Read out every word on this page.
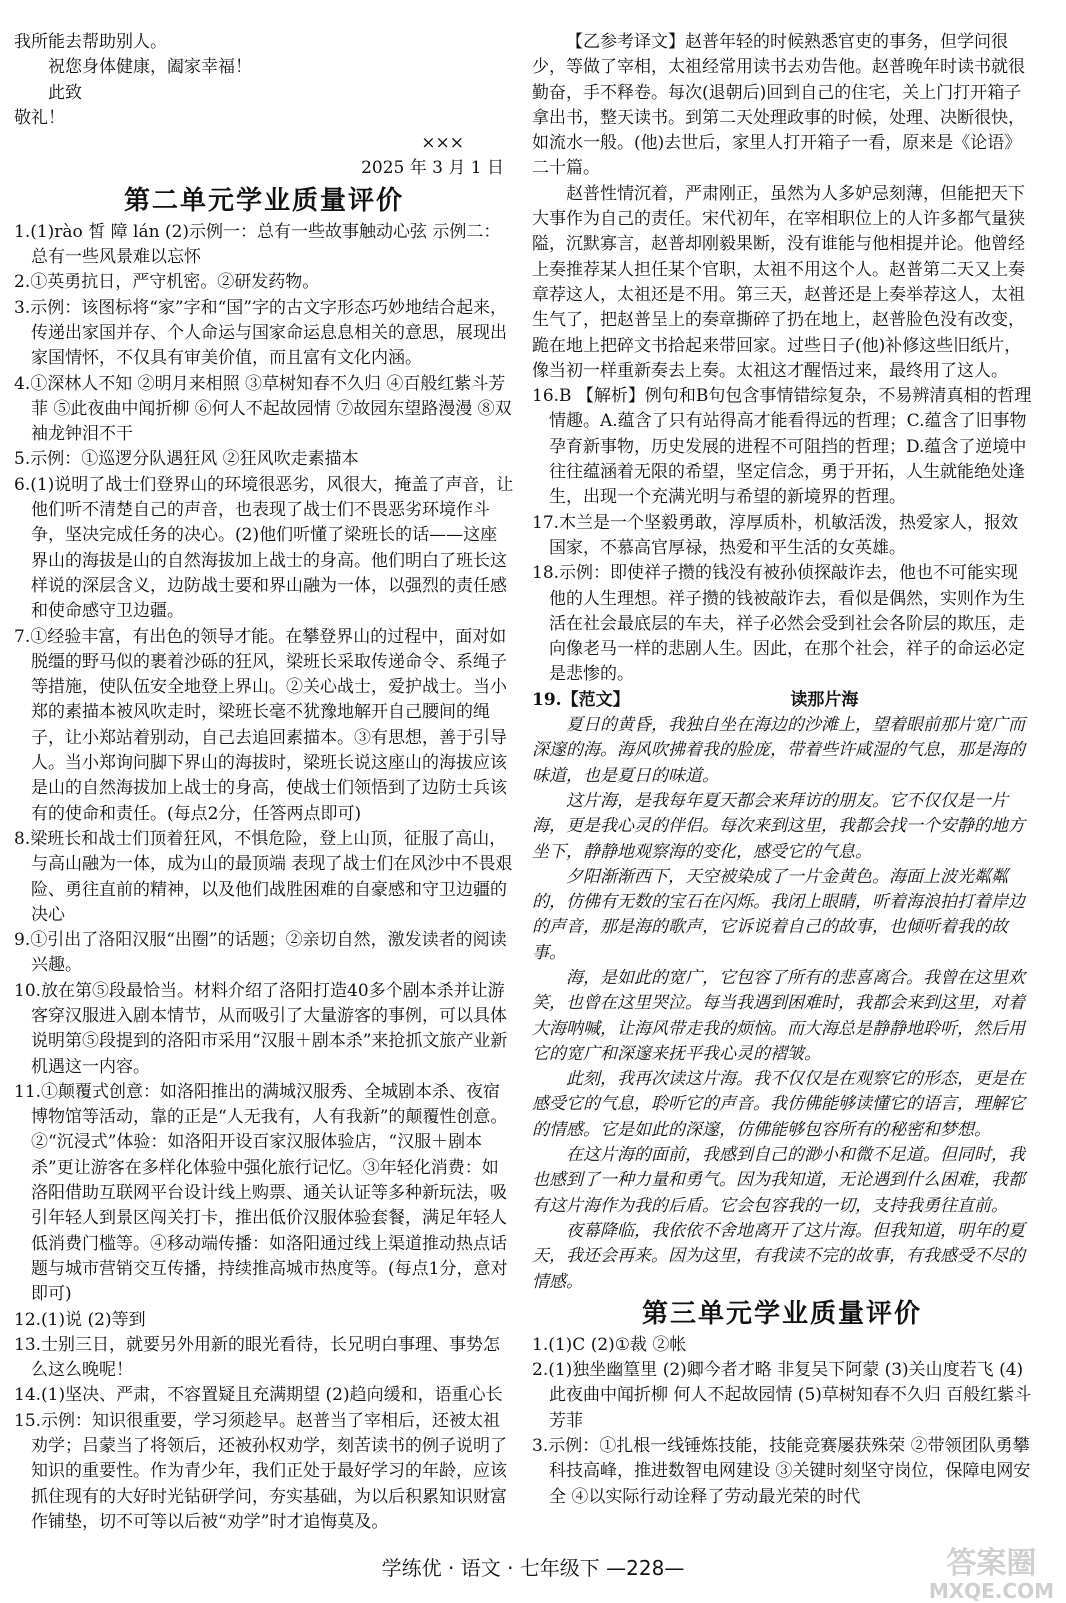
我所能去帮助别人。

祝您身体健康，阖家幸福！

此致

敬礼！

×××

2025 年 3 月 1 日

第二单元学业质量评价

1.(1)rào 皙 障 lán (2)示例一：总有一些故事触动心弦 示例二：总有一些风景难以忘怀

2.①英勇抗日，严守机密。②研发药物。

3.示例：该图标将“家”字和“国”字的古文字形态巧妙地结合起来，传递出家国并存、个人命运与国家命运息息相关的意思，展现出家国情怀，不仅具有审美价值，而且富有文化内涵。

4.①深林人不知 ②明月来相照 ③草树知春不久归 ④百般红紫斗芳菲 ⑤此夜曲中闻折柳 ⑥何人不起故园情 ⑦故园东望路漫漫 ⑧双袖龙钟泪不干

5.示例：①巡逻分队遇狂风 ②狂风吹走素描本

6.(1)说明了战士们登界山的环境很恶劣，风很大，掩盖了声音，让他们听不清楚自己的声音，也表现了战士们不畏恶劣环境作斗争，坚决完成任务的决心。(2)他们听懂了梁班长的话——这座界山的海拔是山的自然海拔加上战士的身高。他们明白了班长这样说的深层含义，边防战士要和界山融为一体，以强烈的责任感和使命感守卫边疆。

7.①经验丰富，有出色的领导才能。在攀登界山的过程中，面对如脱缰的野马似的裹着沙砾的狂风，梁班长采取传递命令、系绳子等措施，使队伍安全地登上界山。②关心战士，爱护战士。当小郑的素描本被风吹走时，梁班长毫不犹豫地解开自己腰间的绳子，让小郑站着别动，自己去追回素描本。③有思想，善于引导人。当小郑询问脚下界山的海拔时，梁班长说这座山的海拔应该是山的自然海拔加上战士的身高，使战士们领悟到了边防士兵该有的使命和责任。(每点2分，任答两点即可)

8.梁班长和战士们顶着狂风，不惧危险，登上山顶，征服了高山，与高山融为一体，成为山的最顶端 表现了战士们在风沙中不畏艰险、勇往直前的精神，以及他们战胜困难的自豪感和守卫边疆的决心

9.①引出了洛阳汉服“出圈”的话题；②亲切自然，激发读者的阅读兴趣。

10.放在第⑤段最恰当。材料介绍了洛阳打造40多个剧本杀并让游客穿汉服进入剧本情节，从而吸引了大量游客的事例，可以具体说明第⑤段提到的洛阳市采用“汉服＋剧本杀”来抢抓文旅产业新机遇这一内容。

11.①颠覆式创意：如洛阳推出的满城汉服秀、全城剧本杀、夜宿博物馆等活动，靠的正是“人无我有，人有我新”的颠覆性创意。②“沉浸式”体验：如洛阳开设百家汉服体验店，“汉服＋剧本杀”更让游客在多样化体验中强化旅行记忆。③年轻化消费：如洛阳借助互联网平台设计线上购票、通关认证等多种新玩法，吸引年轻人到景区闯关打卡，推出低价汉服体验套餐，满足年轻人低消费门槛等。④移动端传播：如洛阳通过线上渠道推动热点话题与城市营销交互传播，持续推高城市热度等。(每点1分，意对即可)

12.(1)说 (2)等到

13.士别三日，就要另外用新的眼光看待，长兄明白事理、事势怎么这么晚呢！

14.(1)坚决、严肃，不容置疑且充满期望 (2)趋向缓和，语重心长

15.示例：知识很重要，学习须趁早。赵普当了宰相后，还被太祖劝学；吕蒙当了将领后，还被孙权劝学，刻苦读书的例子说明了知识的重要性。作为青少年，我们正处于最好学习的年龄，应该抓住现有的大好时光钻研学问，夯实基础，为以后积累知识财富作铺垫，切不可等以后被“劝学”时才追悔莫及。

【乙参考译文】赵普年轻的时候熟悉官吏的事务，但学问很少，等做了宰相，太祖经常用读书去劝告他。赵普晚年时读书就很勤奋，手不释卷。每次(退朝后)回到自己的住宅，关上门打开箱子拿出书，整天读书。到第二天处理政事的时候，处理、决断很快，如流水一般。(他)去世后，家里人打开箱子一看，原来是《论语》二十篇。

赵普性情沉着，严肃刚正，虽然为人多妒忌刻薄，但能把天下大事作为自己的责任。宋代初年，在宰相职位上的人许多都气量狭隘，沉默寡言，赵普却刚毅果断，没有谁能与他相提并论。他曾经上奏推荐某人担任某个官职，太祖不用这个人。赵普第二天又上奏章荐这人，太祖还是不用。第三天，赵普还是上奏举荐这人，太祖生气了，把赵普呈上的奏章撕碎了扔在地上，赵普脸色没有改变，跪在地上把碎文书拾起来带回家。过些日子(他)补修这些旧纸片，像当初一样重新奏去上奏。太祖这才醒悟过来，最终用了这人。

16.B 【解析】例句和B句包含事情错综复杂，不易辨清真相的哲理情趣。A.蕴含了只有站得高才能看得远的哲理；C.蕴含了旧事物孕育新事物，历史发展的进程不可阻挡的哲理；D.蕴含了逆境中往往蕴涵着无限的希望，坚定信念，勇于开拓，人生就能绝处逢生，出现一个充满光明与希望的新境界的哲理。

17.木兰是一个坚毅勇敢，淳厚质朴，机敏活泼，热爱家人，报效国家，不慕高官厚禄，热爱和平生活的女英雄。

18.示例：即使祥子攒的钱没有被孙侦探敲诈去，他也不可能实现他的人生理想。祥子攒的钱被敲诈去，看似是偶然，实则作为生活在社会最底层的车夫，祥子必然会受到社会各阶层的欺压，走向像老马一样的悲剧人生。因此，在那个社会，祥子的命运必定是悲惨的。

19.【范文】	读那片海

夏日的黄昏，我独自坐在海边的沙滩上，望着眼前那片宽广而深邃的海。海风吹拂着我的脸庞，带着些许咸湿的气息，那是海的味道，也是夏日的味道。

这片海，是我每年夏天都会来拜访的朋友。它不仅仅是一片海，更是我心灵的伴侣。每次来到这里，我都会找一个安静的地方坐下，静静地观察海的变化，感受它的气息。

夕阳渐渐西下，天空被染成了一片金黄色。海面上波光粼粼的，仿佛有无数的宝石在闪烁。我闭上眼睛，听着海浪拍打着岸边的声音，那是海的歌声，它诉说着自己的故事，也倾听着我的故事。

海，是如此的宽广，它包容了所有的悲喜离合。我曾在这里欢笑，也曾在这里哭泣。每当我遇到困难时，我都会来到这里，对着大海呐喊，让海风带走我的烦恼。而大海总是静静地聆听，然后用它的宽广和深邃来抚平我心灵的褶皱。

此刻，我再次读这片海。我不仅仅是在观察它的形态，更是在感受它的气息，聆听它的声音。我仿佛能够读懂它的语言，理解它的情感。它是如此的深邃，仿佛能够包容所有的秘密和梦想。

在这片海的面前，我感到自己的渺小和微不足道。但同时，我也感到了一种力量和勇气。因为我知道，无论遇到什么困难，我都有这片海作为我的后盾。它会包容我的一切，支持我勇往直前。

夜幕降临，我依依不舍地离开了这片海。但我知道，明年的夏天，我还会再来。因为这里，有我读不完的故事，有我感受不尽的情感。

第三单元学业质量评价

1.(1)C (2)①裁 ②帐

2.(1)独坐幽篁里 (2)卿今者才略 非复吴下阿蒙 (3)关山度若飞 (4)此夜曲中闻折柳 何人不起故园情 (5)草树知春不久归 百般红紫斗芳菲

3.示例：①扎根一线锤炼技能，技能竞赛屡获殊荣 ②带领团队勇攀科技高峰，推进数智电网建设 ③关键时刻坚守岗位，保障电网安全 ④以实际行动诠释了劳动最光荣的时代

学练优 · 语文 · 七年级下 —228—	答案圈
MXQE.COM
